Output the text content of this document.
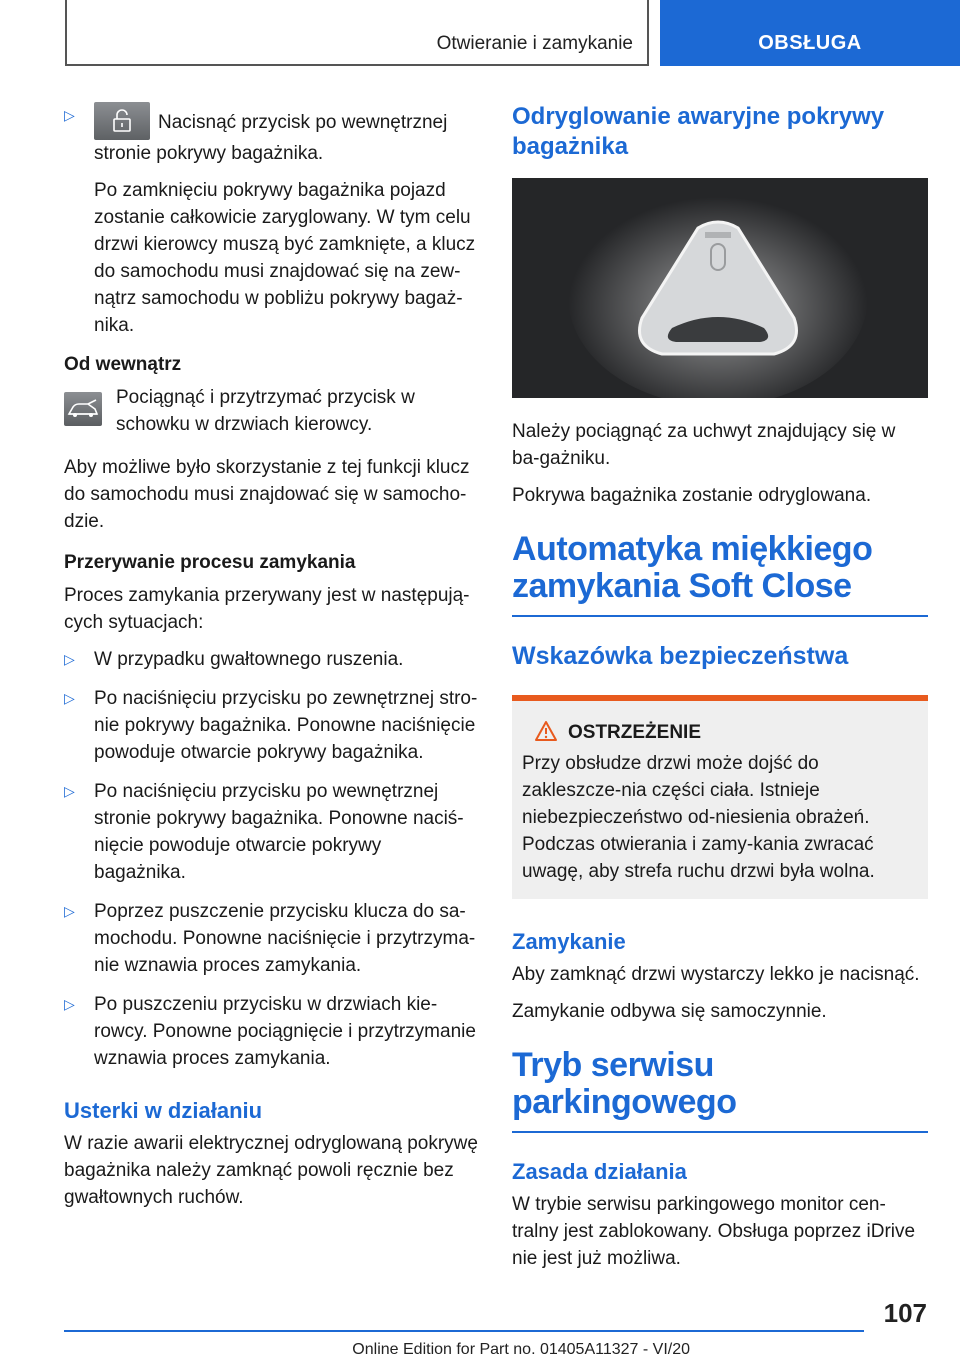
Otwieranie i zamykanie	OBSŁUGA
▷	Nacisnąć przycisk po wewnętrznej stronie pokrywy bagażnika.

Po zamknięciu pokrywy bagażnika pojazd zostanie całkowicie zaryglowany. W tym celu drzwi kierowcy muszą być zamknięte, a klucz do samochodu musi znajdować się na zew-nątrz samochodu w pobliżu pokrywy bagaż-nika.

Od wewnątrz

Pociągnąć i przytrzymać przycisk w schowku w drzwiach kierowcy.

Aby możliwe było skorzystanie z tej funkcji klucz do samochodu musi znajdować się w samocho-dzie.

Przerywanie procesu zamykania

Proces zamykania przerywany jest w następują-cych sytuacjach:

▷ W przypadku gwałtownego ruszenia.
▷ Po naciśnięciu przycisku po zewnętrznej stro-nie pokrywy bagażnika. Ponowne naciśnięcie powoduje otwarcie pokrywy bagażnika.
▷ Po naciśnięciu przycisku po wewnętrznej stronie pokrywy bagażnika. Ponowne naciś-nięcie powoduje otwarcie pokrywy bagażnika.
▷ Poprzez puszczenie przycisku klucza do sa-mochodu. Ponowne naciśnięcie i przytrzyma-nie wznawia proces zamykania.
▷ Po puszczeniu przycisku w drzwiach kie-rowcy. Ponowne pociągnięcie i przytrzymanie wznawia proces zamykania.

Usterki w działaniu

W razie awarii elektrycznej odryglowaną pokrywę bagażnika należy zamknąć powoli ręcznie bez gwałtownych ruchów.

Odryglowanie awaryjne pokrywy bagażnika

Należy pociągnąć za uchwyt znajdujący się w ba-gażniku.

Pokrywa bagażnika zostanie odryglowana.

Automatyka miękkiego zamykania Soft Close

Wskazówka bezpieczeństwa

OSTRZEŻENIE

Przy obsłudze drzwi może dojść do zakleszcze-nia części ciała. Istnieje niebezpieczeństwo od-niesienia obrażeń. Podczas otwierania i zamy-kania zwracać uwagę, aby strefa ruchu drzwi była wolna.

Zamykanie

Aby zamknąć drzwi wystarczy lekko je nacisnąć.

Zamykanie odbywa się samoczynnie.

Tryb serwisu parkingowego

Zasada działania

W trybie serwisu parkingowego monitor cen-tralny jest zablokowany. Obsługa poprzez iDrive nie jest już możliwa.

107
Online Edition for Part no. 01405A11327 - VI/20
